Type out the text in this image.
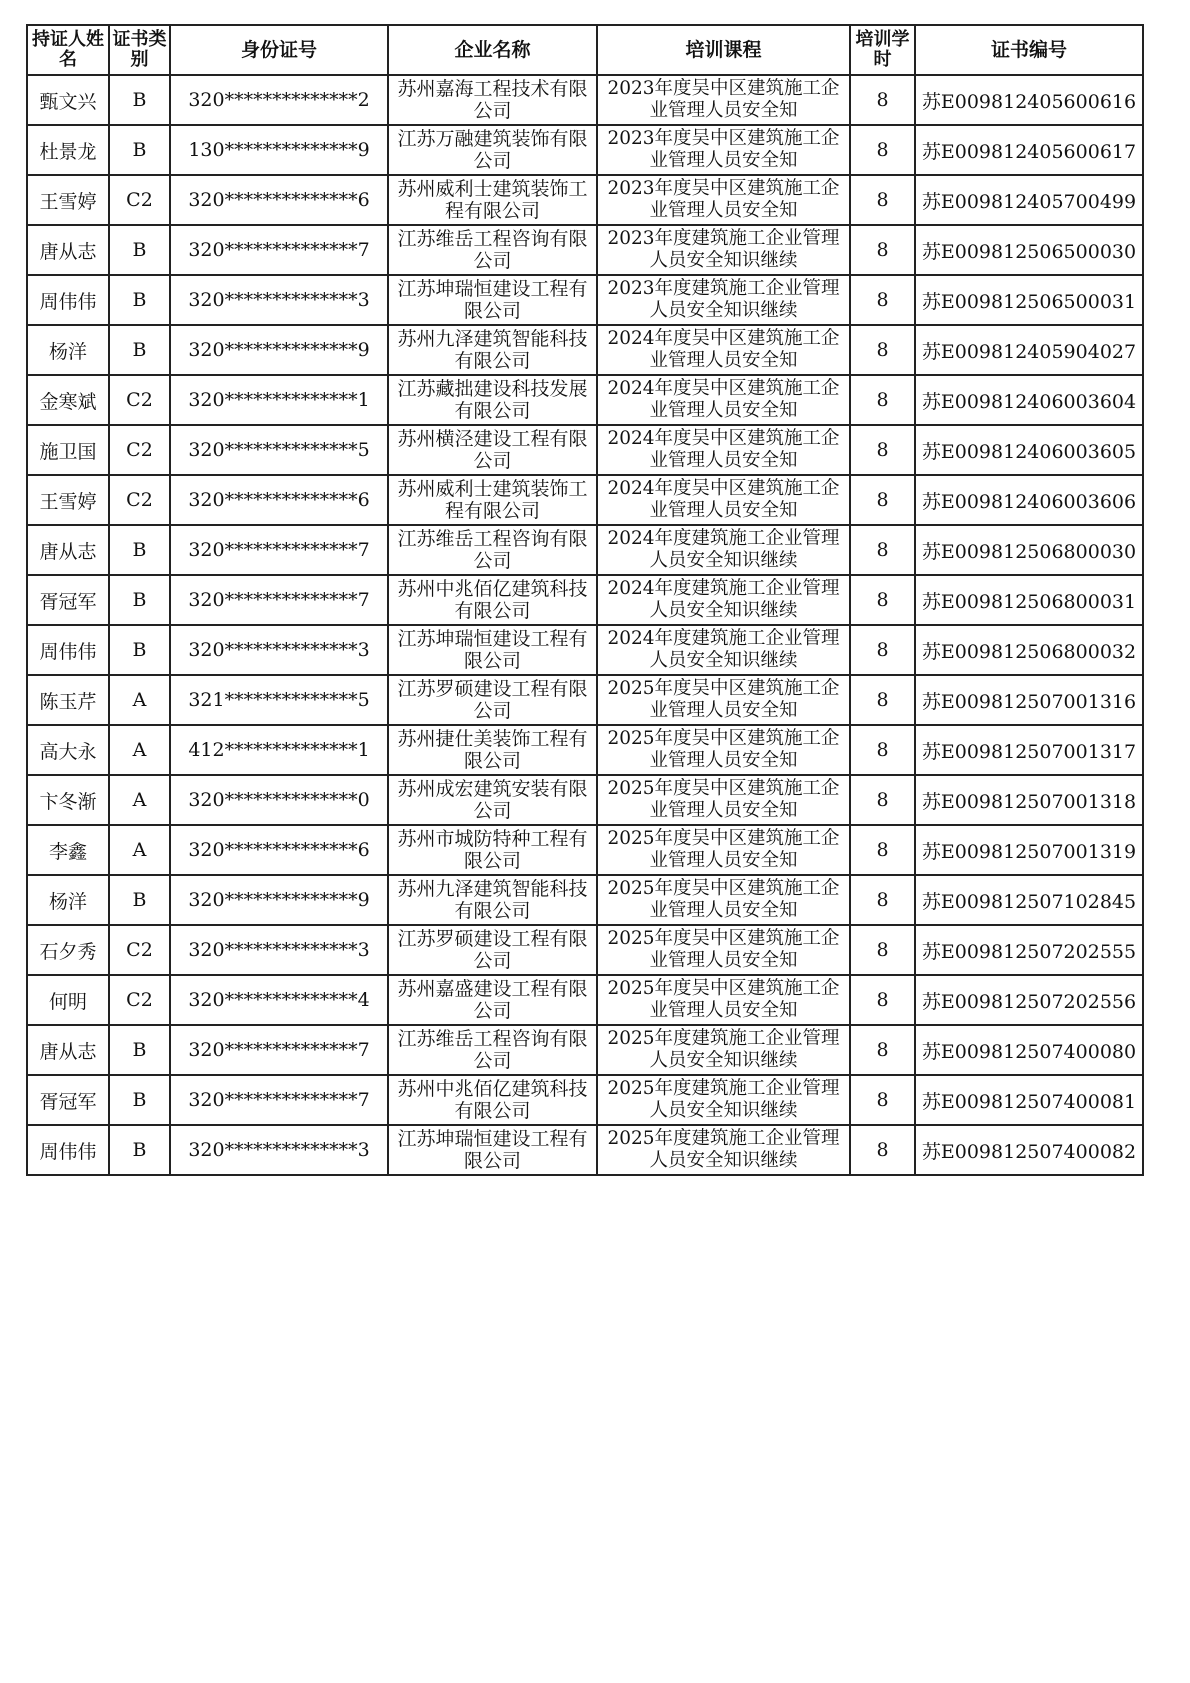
持证人姓名	证书类别	身份证号	企业名称	培训课程	培训学时	证书编号
甄文兴	B	320**************2	苏州嘉海工程技术有限公司	2023年度吴中区建筑施工企业管理人员安全知	8	苏E009812405600616
杜景龙	B	130**************9	江苏万融建筑装饰有限公司	2023年度吴中区建筑施工企业管理人员安全知	8	苏E009812405600617
王雪婷	C2	320**************6	苏州威利士建筑装饰工程有限公司	2023年度吴中区建筑施工企业管理人员安全知	8	苏E009812405700499
唐从志	B	320**************7	江苏维岳工程咨询有限公司	2023年度建筑施工企业管理人员安全知识继续	8	苏E009812506500030
周伟伟	B	320**************3	江苏坤瑞恒建设工程有限公司	2023年度建筑施工企业管理人员安全知识继续	8	苏E009812506500031
杨洋	B	320**************9	苏州九泽建筑智能科技有限公司	2024年度吴中区建筑施工企业管理人员安全知	8	苏E009812405904027
金寒斌	C2	320**************1	江苏藏拙建设科技发展有限公司	2024年度吴中区建筑施工企业管理人员安全知	8	苏E009812406003604
施卫国	C2	320**************5	苏州横泾建设工程有限公司	2024年度吴中区建筑施工企业管理人员安全知	8	苏E009812406003605
王雪婷	C2	320**************6	苏州威利士建筑装饰工程有限公司	2024年度吴中区建筑施工企业管理人员安全知	8	苏E009812406003606
唐从志	B	320**************7	江苏维岳工程咨询有限公司	2024年度建筑施工企业管理人员安全知识继续	8	苏E009812506800030
胥冠军	B	320**************7	苏州中兆佰亿建筑科技有限公司	2024年度建筑施工企业管理人员安全知识继续	8	苏E009812506800031
周伟伟	B	320**************3	江苏坤瑞恒建设工程有限公司	2024年度建筑施工企业管理人员安全知识继续	8	苏E009812506800032
陈玉芹	A	321**************5	江苏罗硕建设工程有限公司	2025年度吴中区建筑施工企业管理人员安全知	8	苏E009812507001316
高大永	A	412**************1	苏州捷仕美装饰工程有限公司	2025年度吴中区建筑施工企业管理人员安全知	8	苏E009812507001317
卞冬渐	A	320**************0	苏州成宏建筑安装有限公司	2025年度吴中区建筑施工企业管理人员安全知	8	苏E009812507001318
李鑫	A	320**************6	苏州市城防特种工程有限公司	2025年度吴中区建筑施工企业管理人员安全知	8	苏E009812507001319
杨洋	B	320**************9	苏州九泽建筑智能科技有限公司	2025年度吴中区建筑施工企业管理人员安全知	8	苏E009812507102845
石夕秀	C2	320**************3	江苏罗硕建设工程有限公司	2025年度吴中区建筑施工企业管理人员安全知	8	苏E009812507202555
何明	C2	320**************4	苏州嘉盛建设工程有限公司	2025年度吴中区建筑施工企业管理人员安全知	8	苏E009812507202556
唐从志	B	320**************7	江苏维岳工程咨询有限公司	2025年度建筑施工企业管理人员安全知识继续	8	苏E009812507400080
胥冠军	B	320**************7	苏州中兆佰亿建筑科技有限公司	2025年度建筑施工企业管理人员安全知识继续	8	苏E009812507400081
周伟伟	B	320**************3	江苏坤瑞恒建设工程有限公司	2025年度建筑施工企业管理人员安全知识继续	8	苏E009812507400082
